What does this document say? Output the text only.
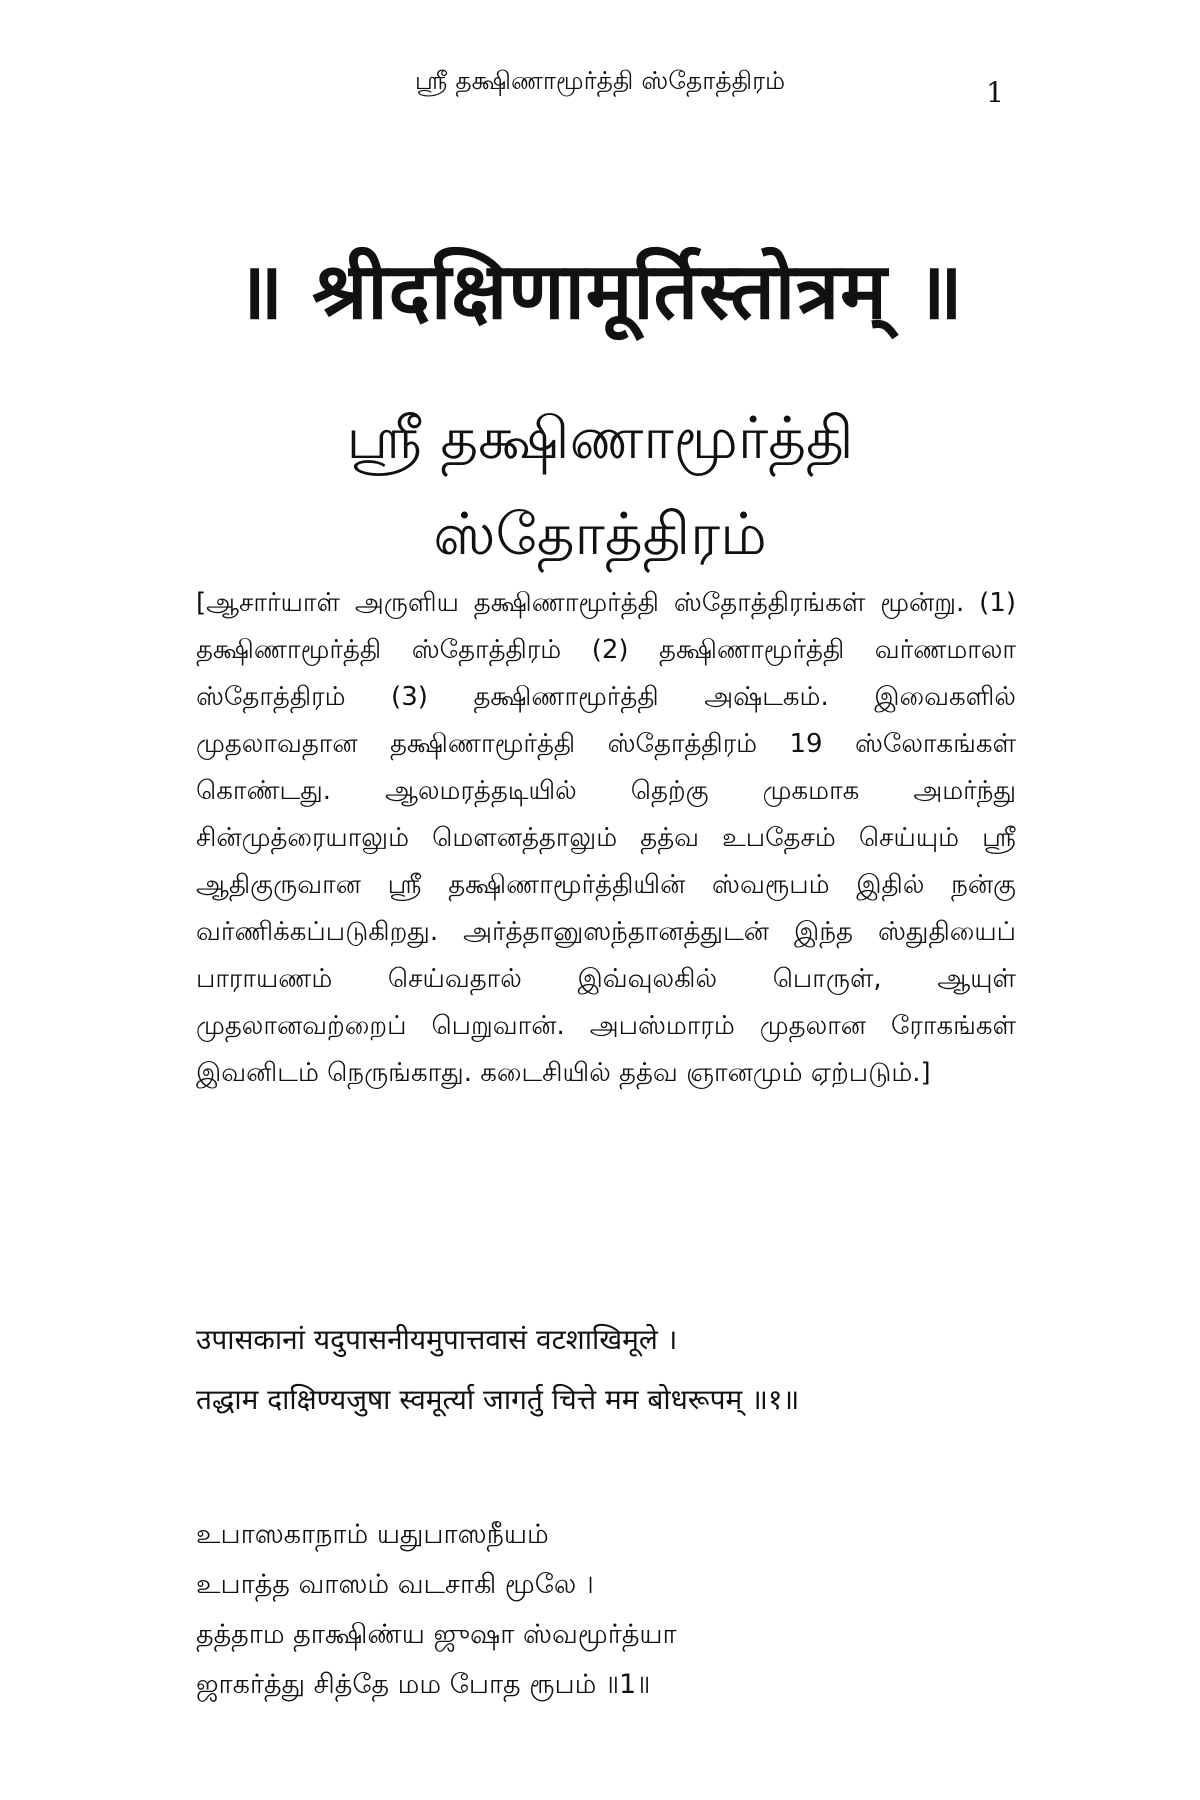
ஸ்ரீ தக்ஷிணாமூர்த்தி ஸ்தோத்திரம்	1
॥ श्रीदक्षिणामूर्तिस्तोत्रम् ॥
ஸ்ரீ தக்ஷிணாமூர்த்தி
ஸ்தோத்திரம்
[ஆசார்யாள் அருளிய தக்ஷிணாமூர்த்தி ஸ்தோத்திரங்கள் மூன்று. (1) தக்ஷிணாமூர்த்தி ஸ்தோத்திரம் (2) தக்ஷிணாமூர்த்தி வர்ணமாலா ஸ்தோத்திரம் (3) தக்ஷிணாமூர்த்தி அஷ்டகம். இவைகளில் முதலாவதான தக்ஷிணாமூர்த்தி ஸ்தோத்திரம் 19 ஸ்லோகங்கள் கொண்டது. ஆலமரத்தடியில் தெற்கு முகமாக அமர்ந்து சின்முத்ரையாலும் மௌனத்தாலும் தத்வ உபதேசம் செய்யும் ஸ்ரீ ஆதிகுருவான ஸ்ரீ தக்ஷிணாமூர்த்தியின் ஸ்வரூபம் இதில் நன்கு வர்ணிக்கப்படுகிறது. அர்த்தானுஸந்தானத்துடன் இந்த ஸ்துதியைப் பாராயணம் செய்வதால் இவ்வுலகில் பொருள், ஆயுள் முதலானவற்றைப் பெறுவான். அபஸ்மாரம் முதலான ரோகங்கள் இவனிடம் நெருங்காது. கடைசியில் தத்வ ஞானமும் ஏற்படும்.]
उपासकानां यदुपासनीयमुपात्तवासं वटशाखिमूले ।
तद्धाम दाक्षिण्यजुषा स्वमूर्त्या जागर्तु चित्ते मम बोधरूपम् ॥१॥
உபாஸகாநாம் யதுபாஸநீயம்
உபாத்த வாஸம் வடசாகி மூலே ।
தத்தாம தாக்ஷிண்ய ஜுஷா ஸ்வமூர்த்யா
ஜாகர்த்து சித்தே மம போத ரூபம் ॥1॥
